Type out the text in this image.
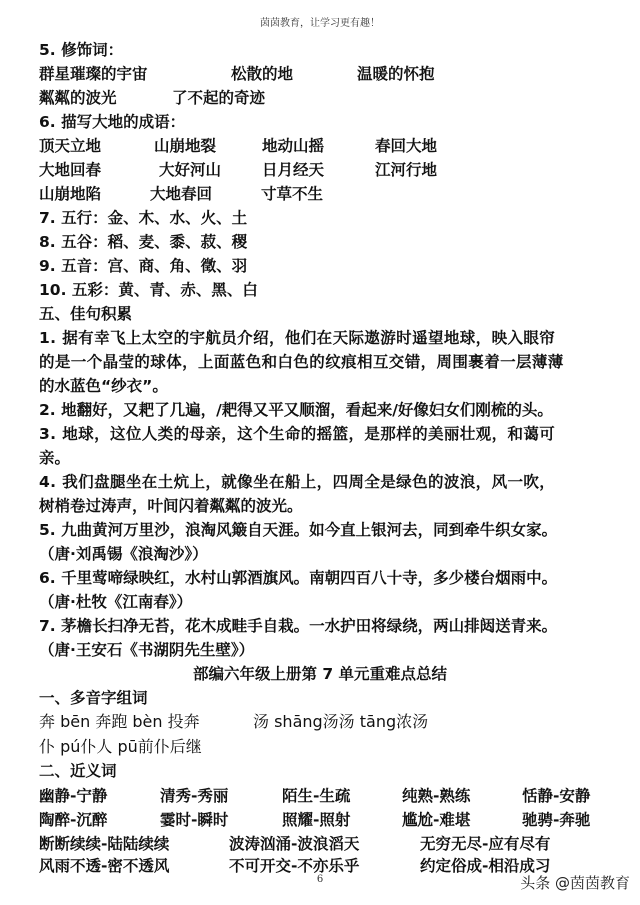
茵茵教育，让学习更有趣！
5. 修饰词：
群星璀璨的宇宙	松散的地	温暖的怀抱
粼粼的波光	了不起的奇迹
6. 描写大地的成语：
顶天立地	山崩地裂	地动山摇	春回大地
大地回春	大好河山	日月经天	江河行地
山崩地陷	大地春回	寸草不生
7. 五行：金、木、水、火、土
8. 五谷：稻、麦、黍、菽、稷
9. 五音：宫、商、角、徵、羽
10. 五彩：黄、青、赤、黑、白
五、佳句积累
1. 据有幸飞上太空的宇航员介绍，他们在天际遨游时遥望地球，映入眼帘
的是一个晶莹的球体，上面蓝色和白色的纹痕相互交错，周围裹着一层薄薄
的水蓝色“纱衣”。
2. 地翻好，又耙了几遍，/耙得又平又顺溜，看起来/好像妇女们刚梳的头。
3. 地球，这位人类的母亲，这个生命的摇篮，是那样的美丽壮观，和蔼可
亲。
4. 我们盘腿坐在土炕上，就像坐在船上，四周全是绿色的波浪，风一吹，
树梢卷过涛声，叶间闪着粼粼的波光。
5. 九曲黄河万里沙，浪淘风簸自天涯。如今直上银河去，同到牵牛织女家。
（唐·刘禹锡《浪淘沙》）
6. 千里莺啼绿映红，水村山郭酒旗风。南朝四百八十寺，多少楼台烟雨中。
（唐·杜牧《江南春》）
7. 茅檐长扫净无苔，花木成畦手自栽。一水护田将绿绕，两山排闼送青来。
（唐·王安石《书湖阴先生壁》）
部编六年级上册第 7 单元重难点总结
一、多音字组词
奔 bēn 奔跑 bèn 投奔	汤 shāng汤汤 tāng浓汤
仆 pú仆人 pū前仆后继
二、近义词
幽静-宁静	清秀-秀丽	陌生-生疏	纯熟-熟练	恬静-安静
陶醉-沉醉	霎时-瞬时	照耀-照射	尴尬-难堪	驰骋-奔驰
断断续续-陆陆续续	波涛汹涌-波浪滔天	无穷无尽-应有尽有
风雨不透-密不透风	不可开交-不亦乐乎	约定俗成-相沿成习
6	头条 @茵茵教育
